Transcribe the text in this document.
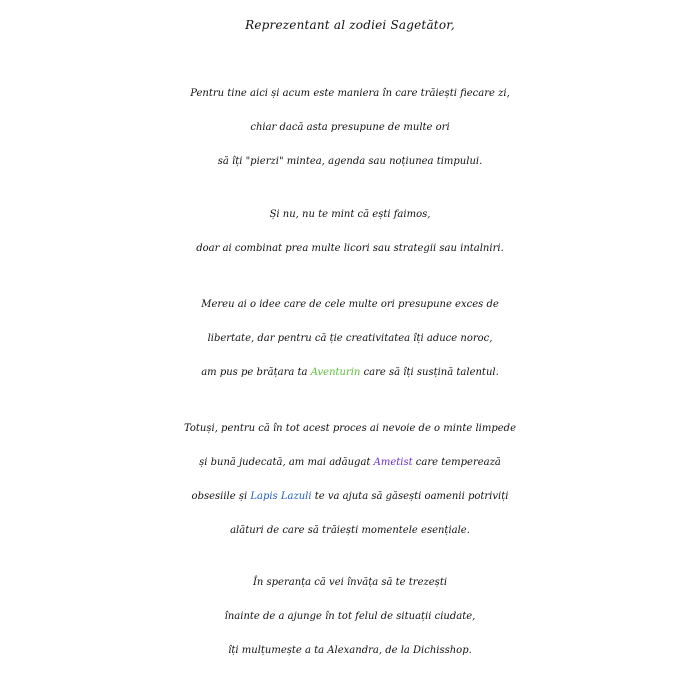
Reprezentant al zodiei Sagetător,
Pentru tine aici și acum este maniera în care trăiești fiecare zi,
chiar dacă asta presupune de multe ori
să îți "pierzi" mintea, agenda sau noțiunea timpului.
Și nu, nu te mint că ești faimos,
doar ai combinat prea multe licori sau strategii sau intalniri.
Mereu ai o idee care de cele multe ori presupune exces de
libertate, dar pentru că ție creativitatea îți aduce noroc,
am pus pe brățara ta Aventurin care să îți susțină talentul.
Totuși, pentru că în tot acest proces ai nevoie de o minte limpede
și bună judecată, am mai adăugat Ametist care temperează
obsesiile și Lapis Lazuli te va ajuta să găsești oamenii potriviți
alături de care să trăiești momentele esențiale.
În speranța că vei învăța să te trezești
înainte de a ajunge în tot felul de situații ciudate,
îți mulțumește a ta Alexandra, de la Dichisshop.
